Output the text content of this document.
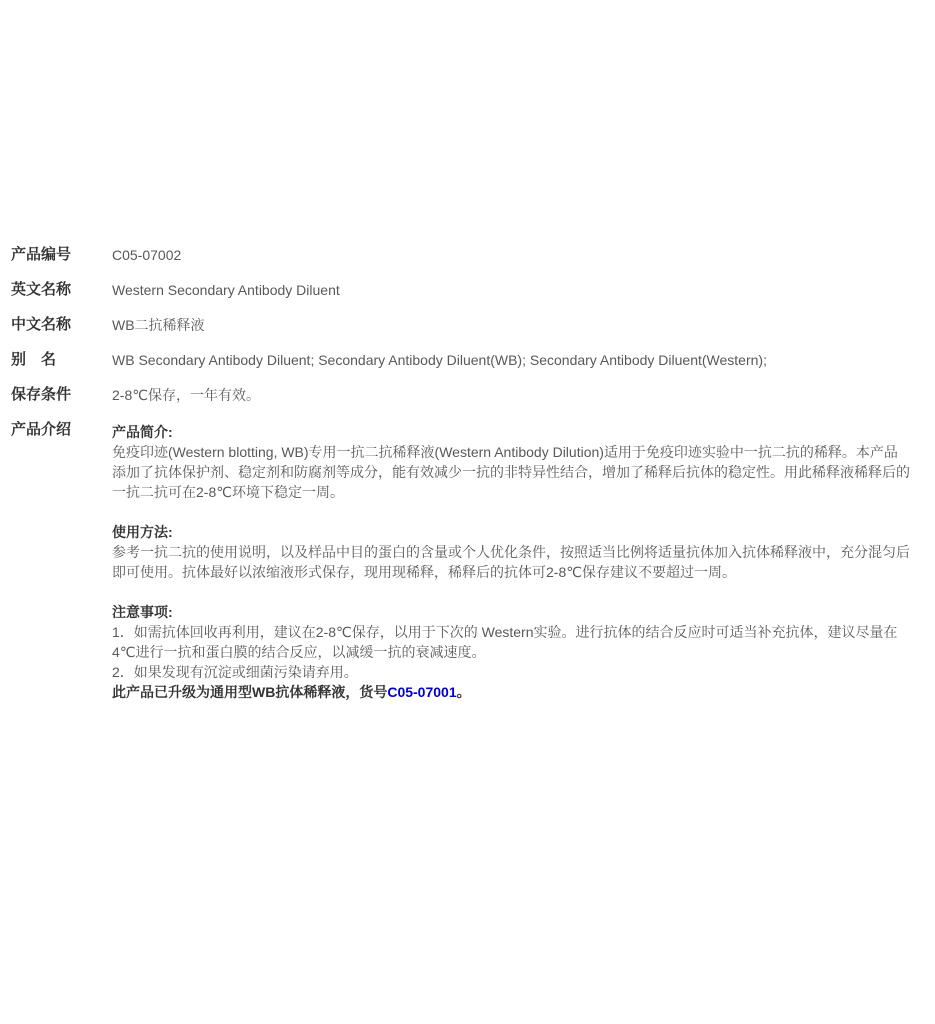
产品编号	C05-07002
英文名称	Western Secondary Antibody Diluent
中文名称	WB二抗稀释液
别　名	WB Secondary Antibody Diluent; Secondary Antibody Diluent(WB); Secondary Antibody Diluent(Western);
保存条件	2-8℃保存，一年有效。
产品介绍	产品简介:

免疫印迹(Western blotting, WB)专用一抗二抗稀释液(Western Antibody Dilution)适用于免疫印迹实验中一抗二抗的稀释。本产品添加了抗体保护剂、稳定剂和防腐剂等成分，能有效减少一抗的非特异性结合，增加了稀释后抗体的稳定性。用此稀释液稀释后的一抗二抗可在2-8℃环境下稳定一周。

使用方法:

参考一抗二抗的使用说明，以及样品中目的蛋白的含量或个人优化条件，按照适当比例将适量抗体加入抗体稀释液中，充分混匀后即可使用。抗体最好以浓缩液形式保存，现用现稀释，稀释后的抗体可2-8℃保存建议不要超过一周。

注意事项:

1．如需抗体回收再利用，建议在2-8℃保存，以用于下次的 Western实验。进行抗体的结合反应时可适当补充抗体，建议尽量在 4℃进行一抗和蛋白膜的结合反应，以减缓一抗的衰减速度。

2．如果发现有沉淀或细菌污染请弃用。

此产品已升级为通用型WB抗体稀释液，货号C05-07001。
